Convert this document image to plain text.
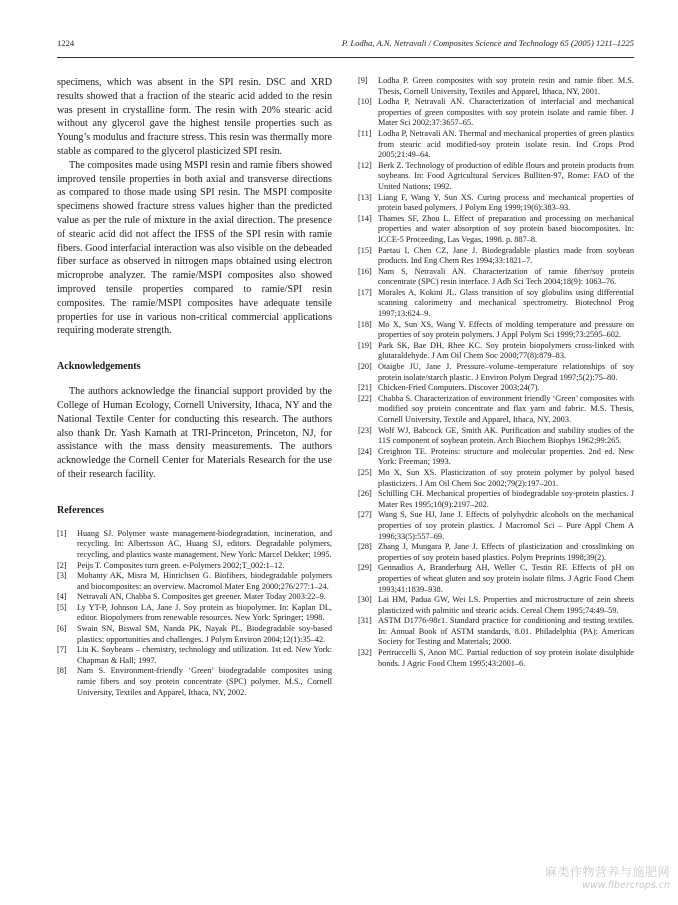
1224	P. Lodha, A.N. Netravali / Composites Science and Technology 65 (2005) 1211–1225

specimens, which was absent in the SPI resin. DSC and XRD results showed that a fraction of the stearic acid added to the resin was present in crystalline form. The resin with 20% stearic acid without any glycerol gave the highest tensile properties such as Young’s modulus and fracture stress. This resin was thermally more stable as compared to the glycerol plasticized SPI resin.

The composites made using MSPI resin and ramie fibers showed improved tensile properties in both axial and transverse directions as compared to those made using SPI resin. The MSPI composite specimens showed fracture stress values higher than the predicted value as per the rule of mixture in the axial direction. The presence of stearic acid did not affect the IFSS of the SPI resin with ramie fibers. Good interfacial interaction was also visible on the debeaded fiber surface as observed in nitrogen maps obtained using electron microprobe analyzer. The ramie/MSPI composites also showed improved tensile properties compared to ramie/SPI resin composites. The ramie/MSPI composites have adequate tensile properties for use in various non-critical commercial applications requiring moderate strength.

Acknowledgements

The authors acknowledge the financial support provided by the College of Human Ecology, Cornell University, Ithaca, NY and the National Textile Center for conducting this research. The authors also thank Dr. Yash Kamath at TRI-Princeton, Princeton, NJ, for assistance with the mass density measurements. The authors acknowledge the Cornell Center for Materials Research for the use of their research facility.

References

[1] Huang SJ. Polymer waste management-biodegradation, incineration, and recycling. In: Albertsson AC, Huang SJ, editors. Degradable polymers, recycling, and plastics waste management. New York: Marcel Dekker; 1995.
[2] Peijs T. Composites turn green. e-Polymers 2002;T_002:1–12.
[3] Mohanty AK, Misra M, Hinrichsen G. Biofibers, biodegradable polymers and biocomposites: an overview. Macromol Mater Eng 2000;276/277:1–24.
[4] Netravali AN, Chabba S. Composites get greener. Mater Today 2003:22–9.
[5] Ly YT-P, Johnson LA, Jane J. Soy protein as biopolymer. In: Kaplan DL, editor. Biopolymers from renewable resources. New York: Springer; 1998.
[6] Swain SN, Biswal SM, Nanda PK, Nayak PL. Biodegradable soy-based plastics: opportunities and challenges. J Polym Environ 2004;12(1):35–42.
[7] Liu K. Soybeans – chemistry, technology and utilization. 1st ed. New York: Chapman & Hall; 1997.
[8] Nam S. Environment-friendly ‘Green’ biodegradable composites using ramie fibers and soy protein concentrate (SPC) polymer. M.S., Cornell University, Textiles and Apparel, Ithaca, NY, 2002.
[9] Lodha P. Green composites with soy protein resin and ramie fiber. M.S. Thesis, Cornell University, Textiles and Apparel, Ithaca, NY, 2001.
[10] Lodha P, Netravali AN. Characterization of interfacial and mechanical properties of green composites with soy protein isolate and ramie fiber. J Mater Sci 2002;37:3657–65.
[11] Lodha P, Netravali AN. Thermal and mechanical properties of green plastics from stearic acid modified-soy protein isolate resin. Ind Crops Prod 2005;21:49–64.
[12] Berk Z. Technology of production of edible flours and protein products from soybeans. In: Food Agricultural Services Bulliten-97, Rome: FAO of the United Nations; 1992.
[13] Liang F, Wang Y, Sun XS. Curing process and mechanical properties of protein based polymers. J Polym Eng 1999;19(6):383–93.
[14] Thames SF, Zhou L. Effect of preparation and processing on mechanical properties and water absorption of soy protein based biocomposites. In: ICCE-5 Proceeding, Las Vegas, 1998. p. 887–8.
[15] Paetau I, Chen CZ, Jane J. Biodegradable plastics made from soybean products. Ind Eng Chem Res 1994;33:1821–7.
[16] Nam S, Netravali AN. Characterization of ramie fiber/soy protein concentrate (SPC) resin interface. J Adh Sci Tech 2004;18(9): 1063–76.
[17] Morales A, Kokini JL. Glass transition of soy globulins using differential scanning calorimetry and mechanical spectrometry. Biotechnol Prog 1997;13:624–9.
[18] Mo X, Sun XS, Wang Y. Effects of molding temperature and pressure on properties of soy protein polymers. J Appl Polym Sci 1999;73:2595–602.
[19] Park SK, Bae DH, Rhee KC. Soy protein biopolymers cross-linked with glutaraldehyde. J Am Oil Chem Soc 2000;77(8):879–83.
[20] Otaigbe JU, Jane J. Pressure–volume–temperature relationships of soy protein isolate/starch plastic. J Environ Polym Degrad 1997;5(2):75–80.
[21] Chicken-Fried Computers. Discover 2003;24(7).
[22] Chabba S. Characterization of environment friendly ‘Green’ composites with modified soy protein concentrate and flax yarn and fabric. M.S. Thesis, Cornell University, Textile and Apparel, Ithaca, NY, 2003.
[23] Wolf WJ, Babcock GE, Smith AK. Purification and stability studies of the 11S component of soybean protein. Arch Biochem Biophys 1962;99:265.
[24] Creighton TE. Proteins: structure and molecular properties. 2nd ed. New York: Freeman; 1993.
[25] Mo X, Sun XS. Plasticization of soy protein polymer by polyol based plasticizers. J Am Oil Chem Soc 2002;79(2):197–201.
[26] Schilling CH. Mechanical properties of biodegradable soy-protein plastics. J Mater Res 1995;10(9):2197–202.
[27] Wang S, Sue HJ, Jane J. Effects of polyhydric alcohols on the mechanical properties of soy protein plastics. J Macromol Sci – Pure Appl Chem A 1996;33(5):557–69.
[28] Zhang J, Mungara P, Jane J. Effects of plasticization and crosslinking on properties of soy protein based plastics. Polym Preprints 1998;39(2).
[29] Gennadios A, Branderburg AH, Weller C, Testin RF. Effects of pH on properties of wheat gluten and soy protein isolate films. J Agric Food Chem 1993;41:1839–938.
[30] Lai HM, Padua GW, Wei LS. Properties and microstructure of zein sheets plasticized with palmitic and stearic acids. Cereal Chem 1995;74:49–59.
[31] ASTM D1776-98ε1. Standard practice for conditioning and testing textiles. In: Annual Book of ASTM standards, 8.01. Philadelphia (PA): American Society for Testing and Materials; 2000.
[32] Pertruccelli S, Anon MC. Partial reduction of soy protein isolate disulphide bonds. J Agric Food Chem 1995;43:2001–6.
麻类作物营养与施肥网
www.fibercrops.cn
